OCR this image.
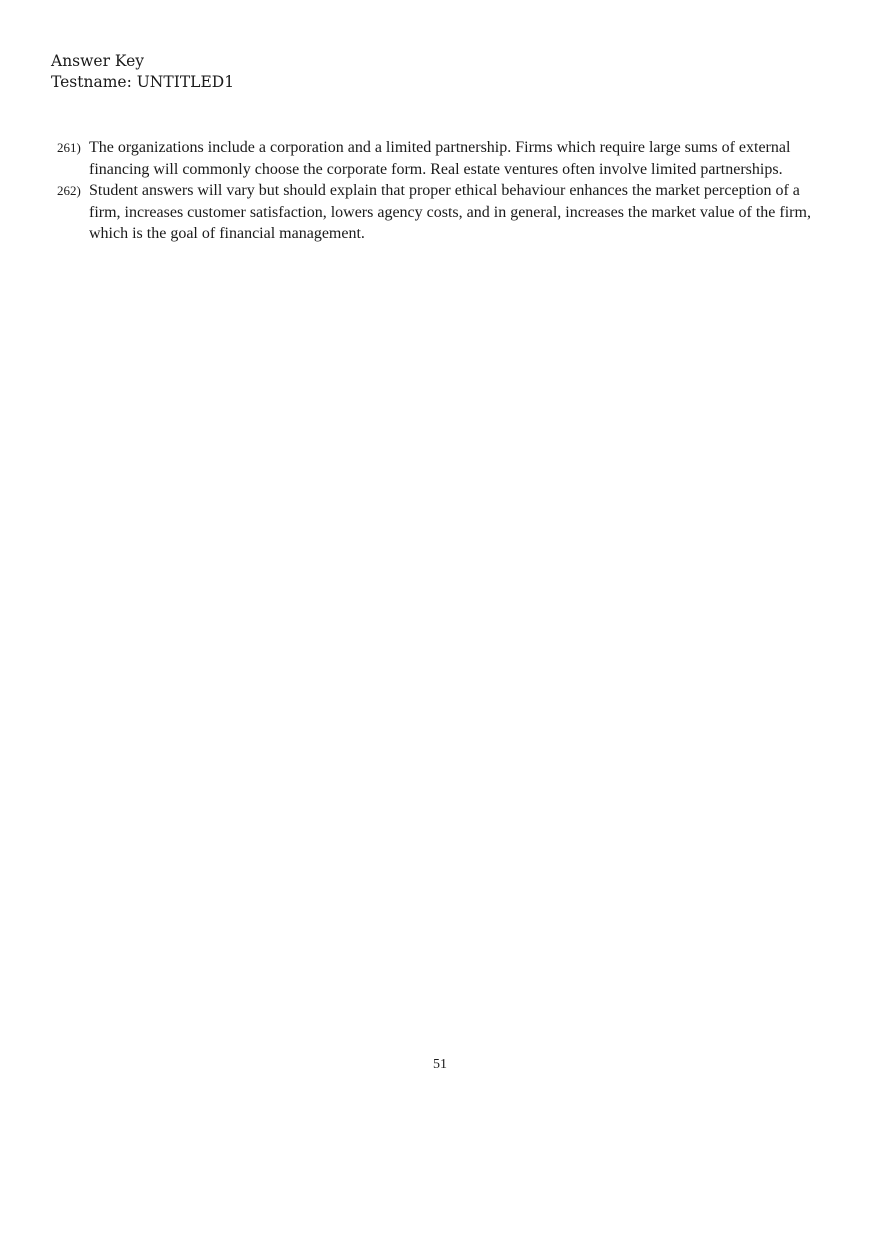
Answer Key
Testname: UNTITLED1
261) The organizations include a corporation and a limited partnership. Firms which require large sums of external financing will commonly choose the corporate form. Real estate ventures often involve limited partnerships.
262) Student answers will vary but should explain that proper ethical behaviour enhances the market perception of a firm, increases customer satisfaction, lowers agency costs, and in general, increases the market value of the firm, which is the goal of financial management.
51
